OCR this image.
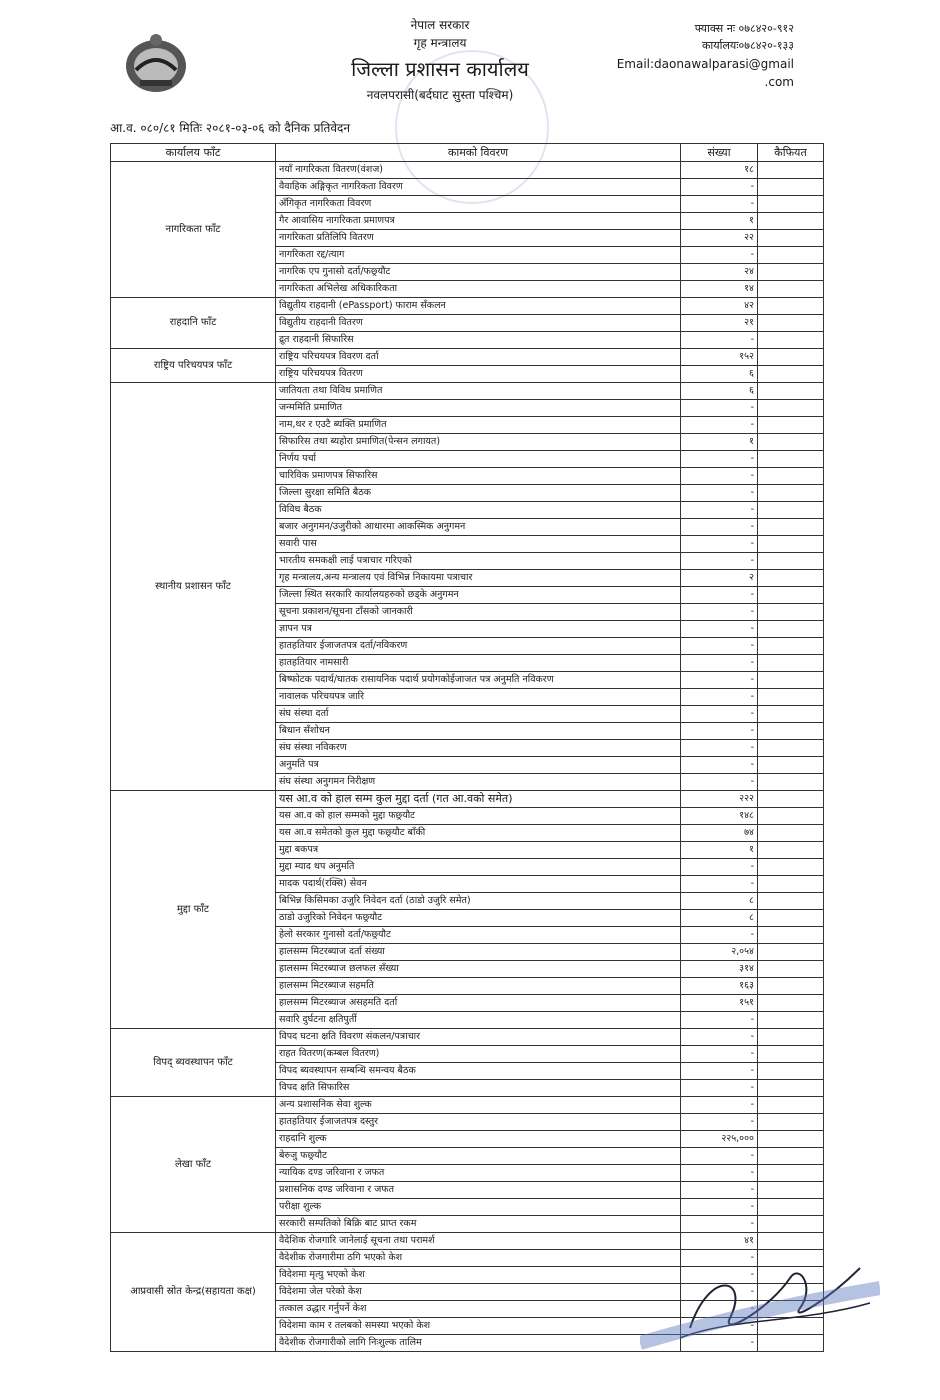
नेपाल सरकार
गृह मन्त्रालय
जिल्ला प्रशासन कार्यालय
नवलपरासी(बर्दघाट सुस्ता पश्चिम)
फ्याक्स नः ०७८४२०-९१२
कार्यालयः०७८४२०-१३३
Email:daonawalparasi@gmail
.com
आ.व. ०८०/८१ मितिः २०८१-०३-०६ को दैनिक प्रतिवेदन
कार्यालय फाँट	कामको विवरण	संख्या	कैफियत
नागरिकता फाँट	नयाँ नागरिकता वितरण(वंशज)	१८	
	वैवाहिक अङ्गिकृत नागरिकता विवरण	-	
	अँगिकृत नागरिकता विवरण	-	
	गैर आवासिय नागरिकता प्रमाणपत्र	१	
	नागरिकता प्रतिलिपि वितरण	२२	
	नागरिकता रद्द/त्याग	-	
	नागरिक एप गुनासो दर्ता/फछ्र्यौट	२४	
	नागरिकता अभिलेख अधिकारिकता	१४	
राहदानि फाँट	विद्युतीय राहदानी (ePassport) फाराम सँकलन	४२	
	विद्युतीय राहदानी वितरण	२१	
	द्रुत राहदानी सिफारिस	-	
राष्ट्रिय परिचयपत्र फाँट	राष्ट्रिय परिचयपत्र विवरण दर्ता	१५२	
	राष्ट्रिय परिचयपत्र वितरण	६	
स्थानीय प्रशासन फाँट	जातियता तथा विविध प्रमाणित	६	
	जन्ममिति प्रमाणित	-	
	नाम,थर र एउटै ब्यक्ति प्रमाणित	-	
	सिफारिस तथा ब्यहोरा प्रमाणित(पेन्सन लगायत)	१	
	निर्णय पर्चा	-	
	चारिविक प्रमाणपत्र सिफारिस	-	
	जिल्ला सुरक्षा समिति बैठक	-	
	विविध बैठक	-	
	बजार अनुगमन/उजुरीको आधारमा आकस्मिक अनुगमन	-	
	सवारी पास	-	
	भारतीय समकक्षी लाई पत्राचार गरिएको	-	
	गृह मन्त्रालय,अन्य मन्त्रालय एवं विभिन्न निकायमा पत्राचार	२	
	जिल्ला स्थित सरकारि कार्यालयहरुको छड्के अनुगमन	-	
	सूचना प्रकाशन/सूचना टाँसको जानकारी	-	
	ज्ञापन पत्र	-	
	हातहतियार ईजाजतपत्र दर्ता/नविकरण	-	
	हातहतियार नामसारी	-	
	बिष्फोटक पदार्थ/घातक रासायनिक पदार्थ प्रयोगकोईजाजत पत्र अनुमति नविकरण	-	
	नावालक परिचयपत्र जारि	-	
	संघ संस्था दर्ता	-	
	बिधान सँशोधन	-	
	संघ संस्था नविकरण	-	
	अनुमति पत्र	-	
	संघ संस्था अनुगमन निरीक्षण	-	
मुद्दा फाँट	यस आ.व को हाल सम्म कुल मुद्दा दर्ता (गत आ.वको समेत)	२२२	
	यस आ.व को हाल सम्मको मुद्दा फछ्र्यौट	१४८	
	यस आ.व समेतको कुल मुद्दा फछ्र्यौट बाँकी	७४	
	मुद्दा बकपत्र	१	
	मुद्दा म्याद थप अनुमति	-	
	मादक पदार्थ(रक्सि) सेवन	-	
	बिभिन्न किसिमका उजुरि निवेदन दर्ता (ठाडो उजुरि समेत)	८	
	ठाडो उजुरिको निवेदन फछ्र्यौट	८	
	हेलो सरकार गुनासो दर्ता/फछ्र्यौट	-	
	हालसम्म मिटरब्याज दर्ता संख्या	२,०५४	
	हालसम्म मिटरब्याज छलफल सँख्या	३१४	
	हालसम्म मिटरब्याज सहमति	१६३	
	हालसम्म मिटरब्याज असहमति दर्ता	१५१	
	सवारि दुर्घटना क्षतिपुर्ती	-	
विपद् ब्यवस्थापन फाँट	विपद घटना क्षति विवरण संकलन/पत्राचार	-	
	राहत वितरण(कम्बल वितरण)	-	
	विपद ब्यवस्थापन सम्बन्धि समन्वय बैठक	-	
	विपद क्षति सिफारिस	-	
लेखा फाँट	अन्य प्रशासनिक सेवा शुल्क	-	
	हातहतियार ईजाजतपत्र दस्तुर	-	
	राहदानि शुल्क	२२५,०००	
	बेरुजु फछ्र्यौट	-	
	न्यायिक दण्ड जरिवाना र जफत	-	
	प्रशासनिक दण्ड जरिवाना र जफत	-	
	परीक्षा शुल्क	-	
	सरकारी सम्पतिको बिक्रि बाट प्राप्त रकम	-	
आप्रवासी स्रोत केन्द्र(सहायता कक्ष)	वैदेशिक रोजगारि जानेलाई सूचना तथा परामर्श	४१	
	वैदेशीक रोजगारीमा ठगि भएको केश	-	
	विदेशमा मृत्यु भएको केश	-	
	विदेशमा जेल परेको केश	-	
	तत्काल उद्धार गर्नुपर्ने केश	-	
	विदेशमा काम र तलबको समस्या भएको केश	-	
	वैदेशीक रोजगारीको लागि निःशुल्क तालिम	-	
